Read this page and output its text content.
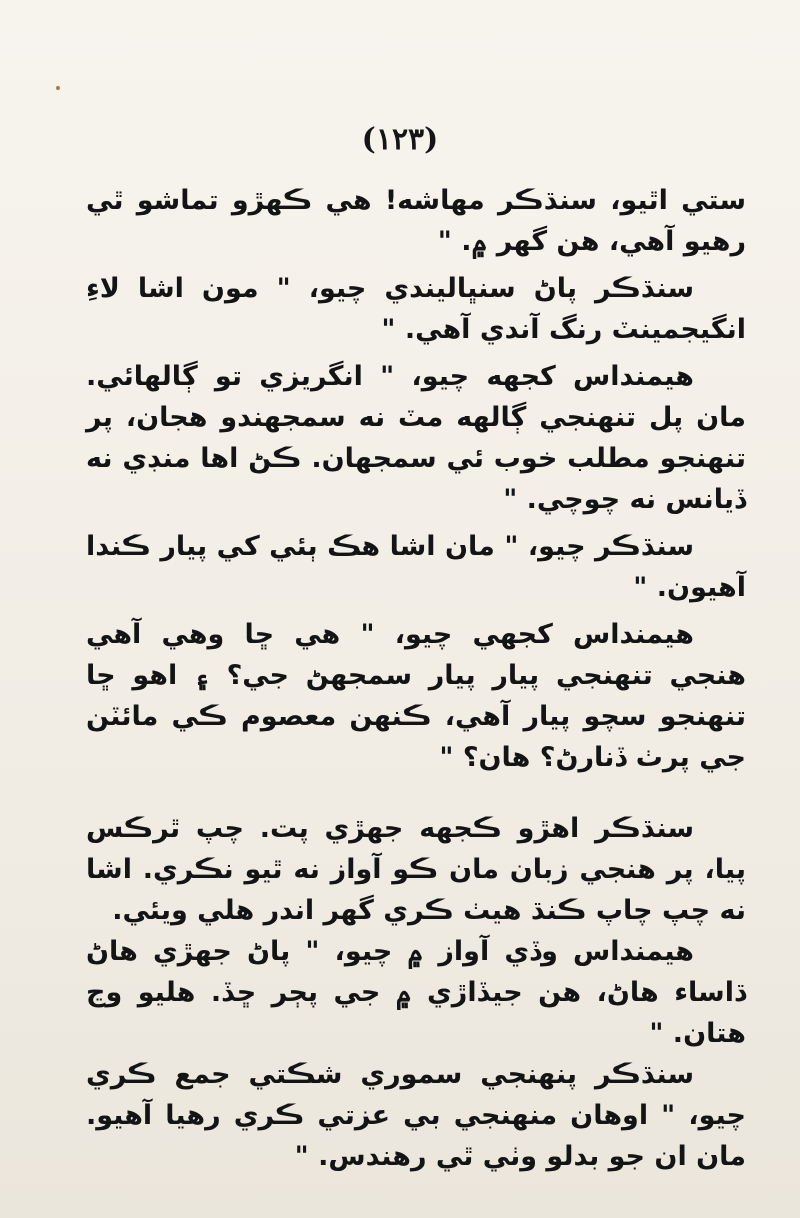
(١٢٣)

ستي اٿيو، سنڌڪر مهاشه! هي ڪهڙو تماشو ٿي رهيو آهي، هن گهر ۾. "

سنڌڪر پاڻ سنڀاليندي چيو، " مون اشا لاءِ انگيجمينٽ رنگ آندي آهي. "

هيمنداس کجهه چيو، " انگريزي تو ڳالهائي. مان پل تنهنجي ڳالهه مٽ نه سمجهندو هجان، پر تنهنجو مطلب خوب ئي سمجهان. ڪڻ اها منڊي نه ڏيانس نه چوچي. "

سنڌڪر چيو، " مان اشا هڪ ٻئي کي پيار ڪندا آهيون. "

هيمنداس کجهي چيو، " هي ڇا وهي آهي هنجي تنهنجي پيار پيار سمجهڻ جي؟ ۽ اهو ڇا تنهنجو سچو پيار آهي، ڪنهن معصوم ڪي مائٽن جي پرٺ ڏنارڻ؟ هان؟ "

سنڌڪر اهڙو ڪجهه جهڙي پت. چپ ٿرڪس پيا، پر هنجي زبان مان ڪو آواز نه ٿيو نڪري. اشا نه چپ چاپ ڪنڌ هيٺ ڪري گهر اندر هلي ويئي.

هيمنداس وڏي آواز ۾ چيو، " پاڻ جهڙي هاڻ ڌاساء هاڻ، هن جيڏاڙي ۾ جي پڄر ڇڏ. هليو وڃ هتان. "

سنڌڪر پنهنجي سموري شڪتي جمع ڪري چيو، " اوهان منهنجي بي عزتي ڪري رهيا آهيو. مان ان جو بدلو وٺي ٿي رهندس. "
